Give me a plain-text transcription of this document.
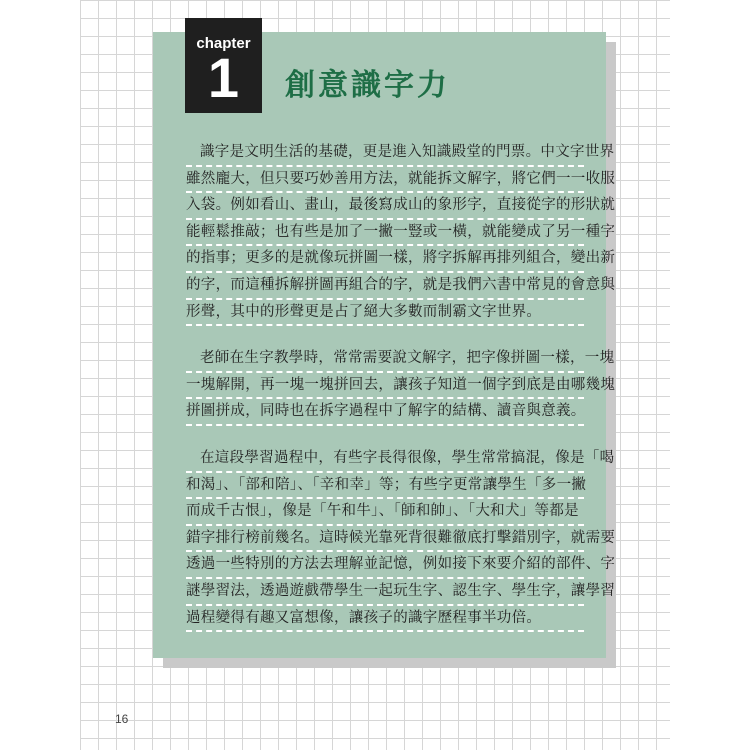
chapter
1	創意識字力
識字是文明生活的基礎，更是進入知識殿堂的門票。中文字世界
雖然龐大，但只要巧妙善用方法，就能拆文解字，將它們一一收服
入袋。例如看山、畫山，最後寫成山的象形字，直接從字的形狀就
能輕鬆推敲；也有些是加了一撇一豎或一橫，就能變成了另一種字
的指事；更多的是就像玩拼圖一樣，將字拆解再排列組合，變出新
的字，而這種拆解拼圖再組合的字，就是我們六書中常見的會意與
形聲，其中的形聲更是占了絕大多數而制霸文字世界。
老師在生字教學時，常常需要說文解字，把字像拼圖一樣，一塊
一塊解開，再一塊一塊拼回去，讓孩子知道一個字到底是由哪幾塊
拼圖拼成，同時也在拆字過程中了解字的結構、讀音與意義。
在這段學習過程中，有些字長得很像，學生常常搞混，像是「喝
和渴」、「部和陪」、「辛和幸」等；有些字更常讓學生「多一撇
而成千古恨」，像是「午和牛」、「師和帥」、「大和犬」等都是
錯字排行榜前幾名。這時候光靠死背很難徹底打擊錯別字，就需要
透過一些特別的方法去理解並記憶，例如接下來要介紹的部件、字
謎學習法，透過遊戲帶學生一起玩生字、認生字、學生字，讓學習
過程變得有趣又富想像，讓孩子的識字歷程事半功倍。
16
